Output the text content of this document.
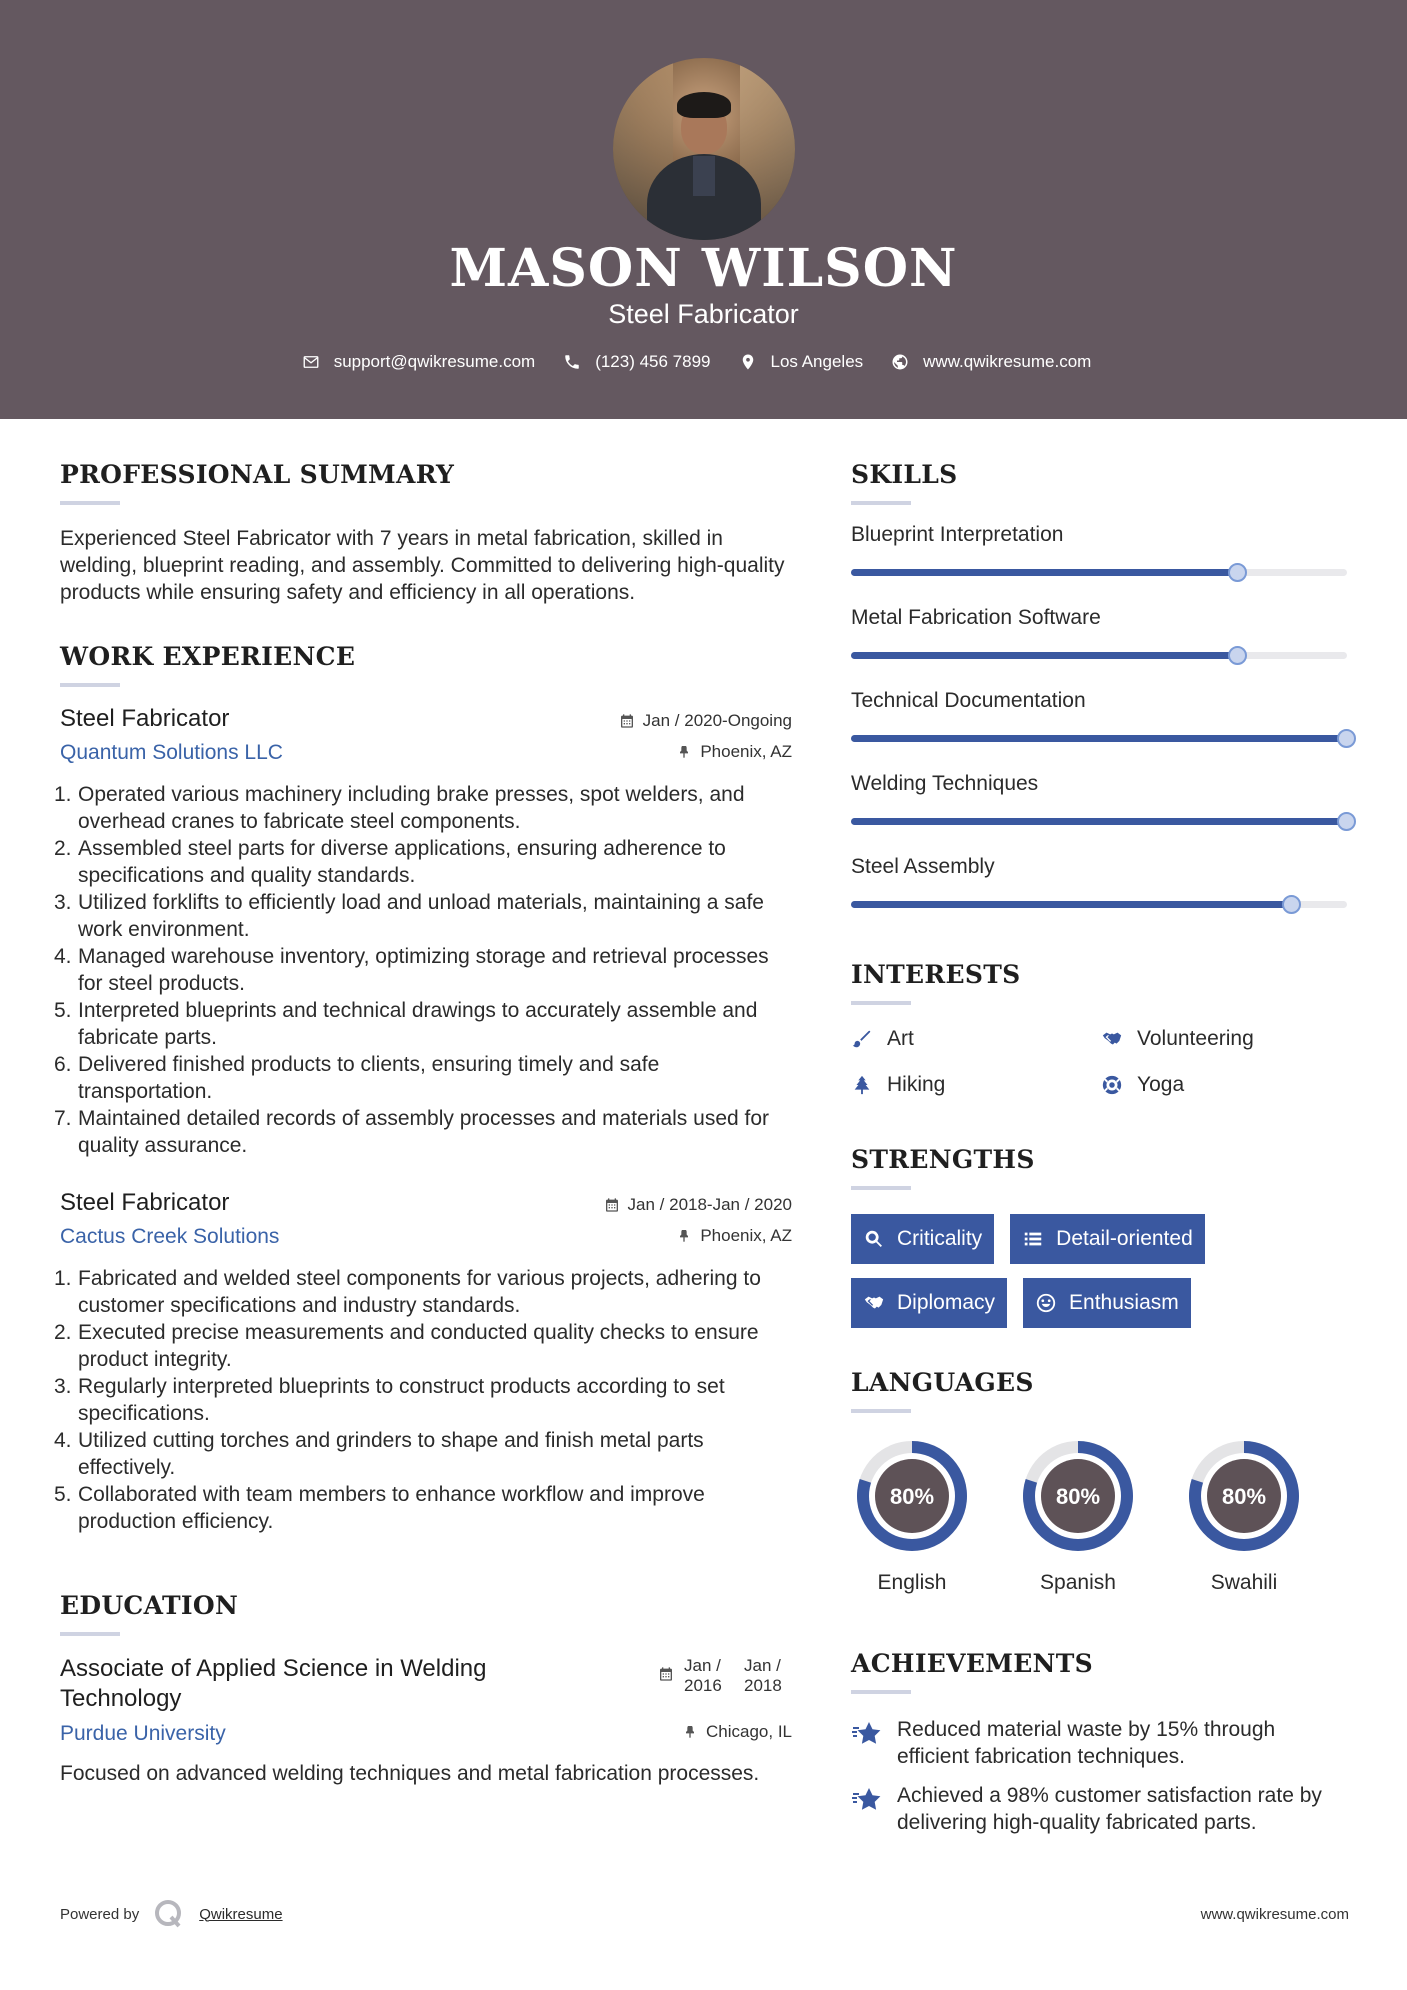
MASON WILSON
Steel Fabricator
support@qwikresume.com	(123) 456 7899	Los Angeles	www.qwikresume.com
PROFESSIONAL SUMMARY
Experienced Steel Fabricator with 7 years in metal fabrication, skilled in welding, blueprint reading, and assembly. Committed to delivering high-quality products while ensuring safety and efficiency in all operations.
WORK EXPERIENCE
Jan / 2020-Ongoing
Phoenix, AZ
Steel Fabricator
Quantum Solutions LLC
1. Operated various machinery including brake presses, spot welders, and overhead cranes to fabricate steel components.
2. Assembled steel parts for diverse applications, ensuring adherence to specifications and quality standards.
3. Utilized forklifts to efficiently load and unload materials, maintaining a safe work environment.
4. Managed warehouse inventory, optimizing storage and retrieval processes for steel products.
5. Interpreted blueprints and technical drawings to accurately assemble and fabricate parts.
6. Delivered finished products to clients, ensuring timely and safe transportation.
7. Maintained detailed records of assembly processes and materials used for quality assurance.
Jan / 2018-Jan / 2020
Phoenix, AZ
Steel Fabricator
Cactus Creek Solutions
1. Fabricated and welded steel components for various projects, adhering to customer specifications and industry standards.
2. Executed precise measurements and conducted quality checks to ensure product integrity.
3. Regularly interpreted blueprints to construct products according to set specifications.
4. Utilized cutting torches and grinders to shape and finish metal parts effectively.
5. Collaborated with team members to enhance workflow and improve production efficiency.
EDUCATION
Jan /
2016
Jan /
2018
Chicago, IL
Associate of Applied Science in Welding Technology
Purdue University
Focused on advanced welding techniques and metal fabrication processes.
SKILLS
Blueprint Interpretation
Metal Fabrication Software
Technical Documentation
Welding Techniques
Steel Assembly
INTERESTS
Art	Volunteering
Hiking	Yoga
STRENGTHS
Criticality	Detail-oriented
Diplomacy	Enthusiasm
LANGUAGES
80%
English
80%
Spanish
80%
Swahili
ACHIEVEMENTS
Reduced material waste by 15% through efficient fabrication techniques.
Achieved a 98% customer satisfaction rate by delivering high-quality fabricated parts.
Powered by	Qwikresume	www.qwikresume.com
